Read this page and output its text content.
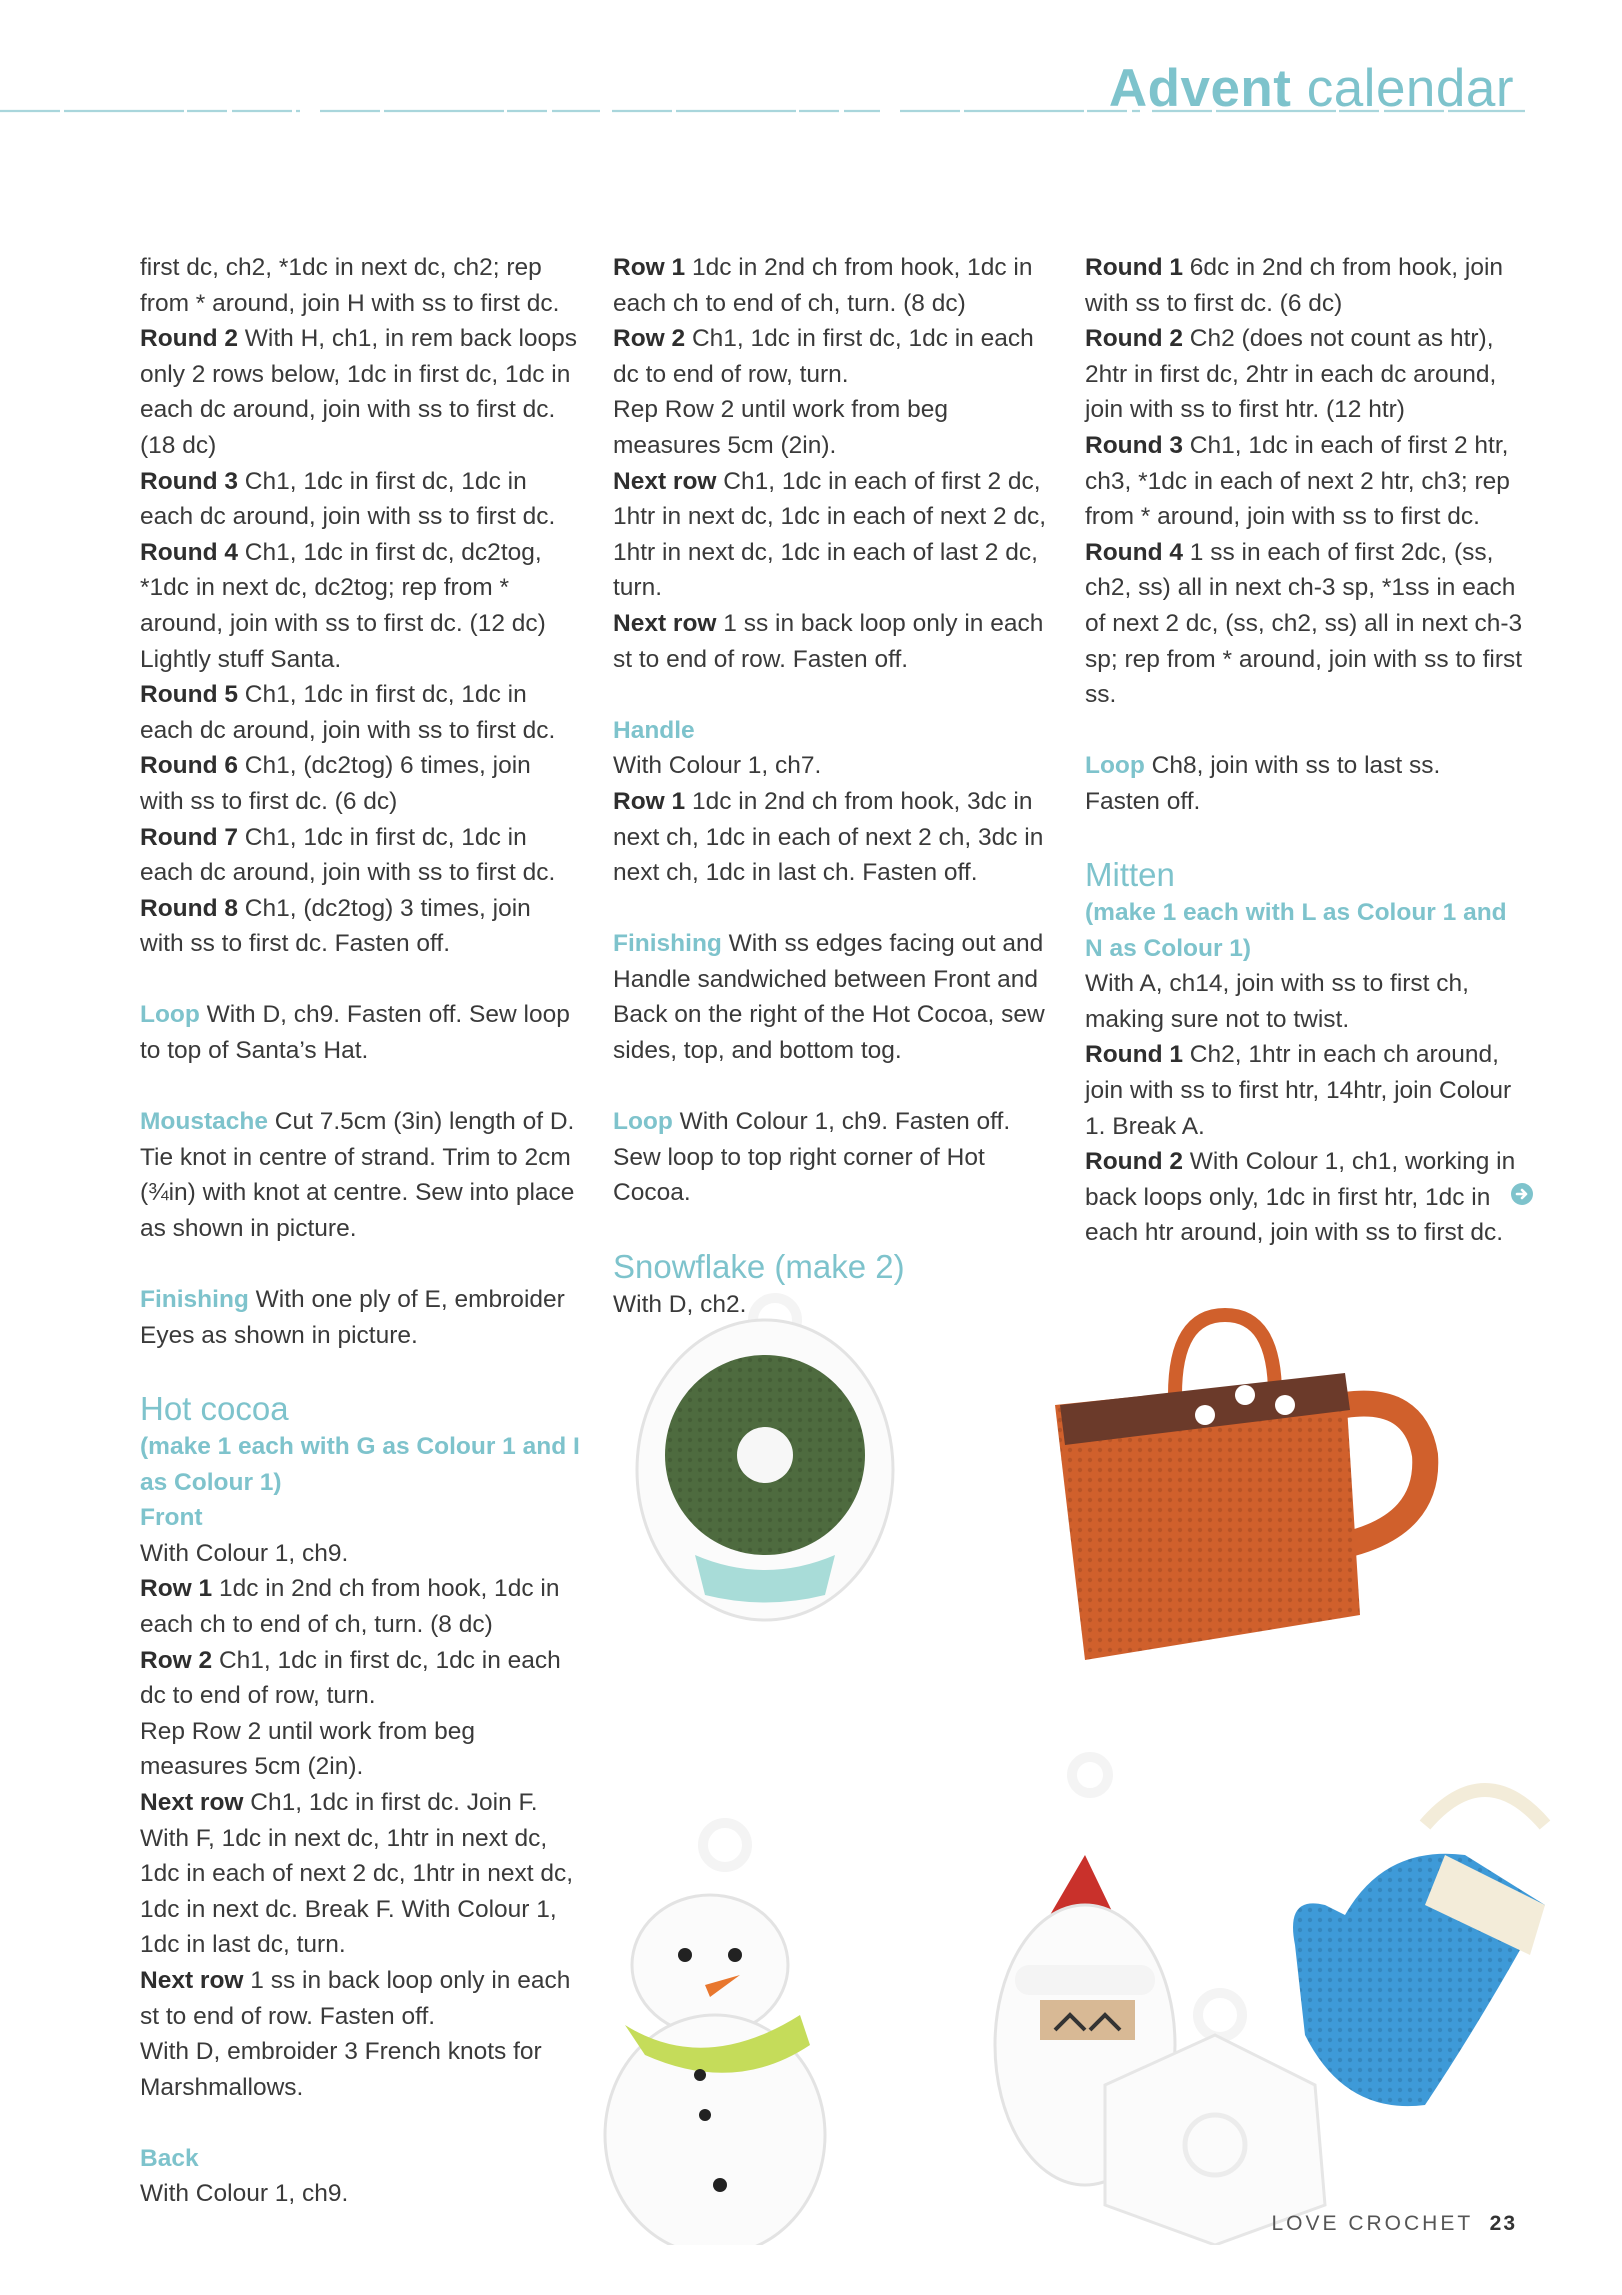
Advent calendar

first dc, ch2, *1dc in next dc, ch2; rep from * around, join H with ss to first dc.

Round 2 With H, ch1, in rem back loops only 2 rows below, 1dc in first dc, 1dc in each dc around, join with ss to first dc. (18 dc)

Round 3 Ch1, 1dc in first dc, 1dc in each dc around, join with ss to first dc.

Round 4 Ch1, 1dc in first dc, dc2tog, *1dc in next dc, dc2tog; rep from * around, join with ss to first dc. (12 dc)

Lightly stuff Santa.

Round 5 Ch1, 1dc in first dc, 1dc in each dc around, join with ss to first dc.

Round 6 Ch1, (dc2tog) 6 times, join with ss to first dc. (6 dc)

Round 7 Ch1, 1dc in first dc, 1dc in each dc around, join with ss to first dc.

Round 8 Ch1, (dc2tog) 3 times, join with ss to first dc. Fasten off.

Loop With D, ch9. Fasten off. Sew loop to top of Santa’s Hat.

Moustache Cut 7.5cm (3in) length of D. Tie knot in centre of strand. Trim to 2cm (¾in) with knot at centre. Sew into place as shown in picture.

Finishing With one ply of E, embroider Eyes as shown in picture.

Hot cocoa

(make 1 each with G as Colour 1 and I as Colour 1)

Front

With Colour 1, ch9.

Row 1 1dc in 2nd ch from hook, 1dc in each ch to end of ch, turn. (8 dc)

Row 2 Ch1, 1dc in first dc, 1dc in each dc to end of row, turn.

Rep Row 2 until work from beg measures 5cm (2in).

Next row Ch1, 1dc in first dc. Join F. With F, 1dc in next dc, 1htr in next dc, 1dc in each of next 2 dc, 1htr in next dc, 1dc in next dc. Break F. With Colour 1, 1dc in last dc, turn.

Next row 1 ss in back loop only in each st to end of row. Fasten off.

With D, embroider 3 French knots for Marshmallows.

Back

With Colour 1, ch9.

Row 1 1dc in 2nd ch from hook, 1dc in each ch to end of ch, turn. (8 dc)

Row 2 Ch1, 1dc in first dc, 1dc in each dc to end of row, turn.

Rep Row 2 until work from beg measures 5cm (2in).

Next row Ch1, 1dc in each of first 2 dc, 1htr in next dc, 1dc in each of next 2 dc, 1htr in next dc, 1dc in each of last 2 dc, turn.

Next row 1 ss in back loop only in each st to end of row. Fasten off.

Handle

With Colour 1, ch7.

Row 1 1dc in 2nd ch from hook, 3dc in next ch, 1dc in each of next 2 ch, 3dc in next ch, 1dc in last ch. Fasten off.

Finishing With ss edges facing out and Handle sandwiched between Front and Back on the right of the Hot Cocoa, sew sides, top, and bottom tog.

Loop With Colour 1, ch9. Fasten off. Sew loop to top right corner of Hot Cocoa.

Snowflake (make 2)

With D, ch2.

Round 1 6dc in 2nd ch from hook, join with ss to first dc. (6 dc)

Round 2 Ch2 (does not count as htr), 2htr in first dc, 2htr in each dc around, join with ss to first htr. (12 htr)

Round 3 Ch1, 1dc in each of first 2 htr, ch3, *1dc in each of next 2 htr, ch3; rep from * around, join with ss to first dc.

Round 4 1 ss in each of first 2dc, (ss, ch2, ss) all in next ch-3 sp, *1ss in each of next 2 dc, (ss, ch2, ss) all in next ch-3 sp; rep from * around, join with ss to first ss.

Loop Ch8, join with ss to last ss.

Fasten off.

Mitten

(make 1 each with L as Colour 1 and N as Colour 1)

With A, ch14, join with ss to first ch, making sure not to twist.

Round 1 Ch2, 1htr in each ch around, join with ss to first htr, 14htr, join Colour 1. Break A.

Round 2 With Colour 1, ch1, working in back loops only, 1dc in first htr, 1dc in each htr around, join with ss to first dc.

LOVE CROCHET 23
